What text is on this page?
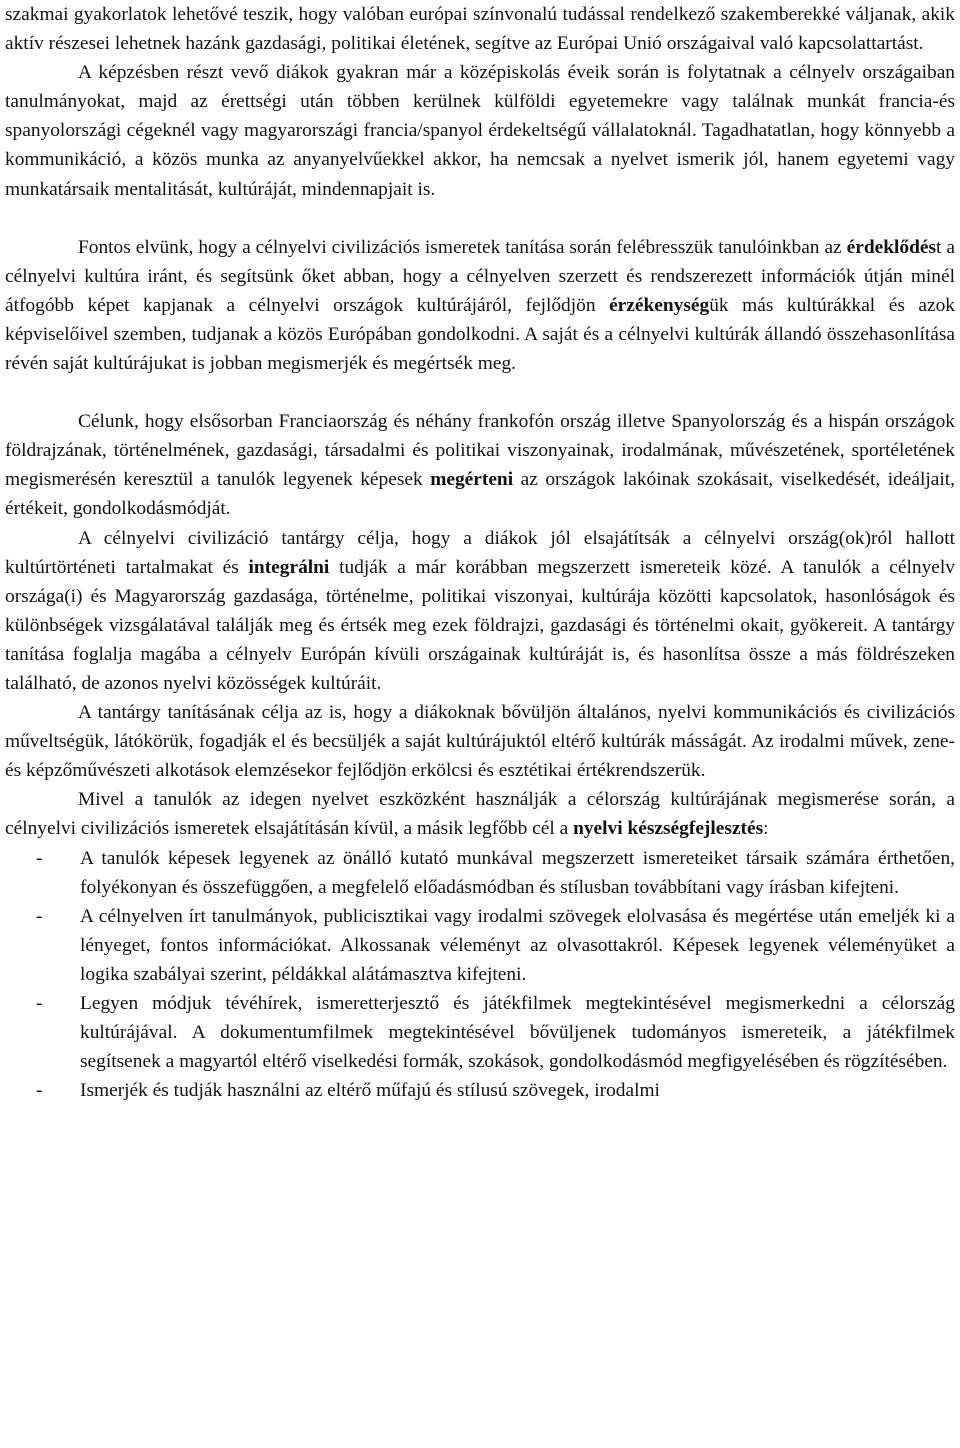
szakmai gyakorlatok lehetővé teszik, hogy valóban európai színvonalú tudással rendelkező szakemberekké váljanak, akik aktív részesei lehetnek hazánk gazdasági, politikai életének, segítve az Európai Unió országaival való kapcsolattartást.

A képzésben részt vevő diákok gyakran már a középiskolás éveik során is folytatnak a célnyelv országaiban tanulmányokat, majd az érettségi után többen kerülnek külföldi egyetemekre vagy találnak munkát francia-és spanyolországi cégeknél vagy magyarországi francia/spanyol érdekeltségű vállalatoknál. Tagadhatatlan, hogy könnyebb a kommunikáció, a közös munka az anyanyelvűekkel akkor, ha nemcsak a nyelvet ismerik jól, hanem egyetemi vagy munkatársaik mentalitását, kultúráját, mindennapjait is.

Fontos elvünk, hogy a célnyelvi civilizációs ismeretek tanítása során felébresszük tanulóinkban az érdeklődést a célnyelvi kultúra iránt, és segítsünk őket abban, hogy a célnyelven szerzett és rendszerezett információk útján minél átfogóbb képet kapjanak a célnyelvi országok kultúrájáról, fejlődjön érzékenységük más kultúrákkal és azok képviselőivel szemben, tudjanak a közös Európában gondolkodni. A saját és a célnyelvi kultúrák állandó összehasonlítása révén saját kultúrájukat is jobban megismerjék és megértsék meg.

Célunk, hogy elsősorban Franciaország és néhány frankofón ország illetve Spanyolország és a hispán országok földrajzának, történelmének, gazdasági, társadalmi és politikai viszonyainak, irodalmának, művészetének, sportéletének megismerésén keresztül a tanulók legyenek képesek megérteni az országok lakóinak szokásait, viselkedését, ideáljait, értékeit, gondolkodásmódját.

A célnyelvi civilizáció tantárgy célja, hogy a diákok jól elsajátítsák a célnyelvi ország(ok)ról hallott kultúrtörténeti tartalmakat és integrálni tudják a már korábban megszerzett ismereteik közé. A tanulók a célnyelv országa(i) és Magyarország gazdasága, történelme, politikai viszonyai, kultúrája közötti kapcsolatok, hasonlóságok és különbségek vizsgálatával találják meg és értsék meg ezek földrajzi, gazdasági és történelmi okait, gyökereit. A tantárgy tanítása foglalja magába a célnyelv Európán kívüli országainak kultúráját is, és hasonlítsa össze a más földrészeken található, de azonos nyelvi közösségek kultúráit.

A tantárgy tanításának célja az is, hogy a diákoknak bővüljön általános, nyelvi kommunikációs és civilizációs műveltségük, látókörük, fogadják el és becsüljék a saját kultúrájuktól eltérő kultúrák másságát. Az irodalmi művek, zene- és képzőművészeti alkotások elemzésekor fejlődjön erkölcsi és esztétikai értékrendszerük.

Mivel a tanulók az idegen nyelvet eszközként használják a célország kultúrájának megismerése során, a célnyelvi civilizációs ismeretek elsajátításán kívül, a másik legfőbb cél a nyelvi készségfejlesztés:

- A tanulók képesek legyenek az önálló kutató munkával megszerzett ismereteiket társaik számára érthetően, folyékonyan és összefüggően, a megfelelő előadásmódban és stílusban továbbítani vagy írásban kifejteni.
- A célnyelven írt tanulmányok, publicisztikai vagy irodalmi szövegek elolvasása és megértése után emeljék ki a lényeget, fontos információkat. Alkossanak véleményt az olvasottakról. Képesek legyenek véleményüket a logika szabályai szerint, példákkal alátámasztva kifejteni.
- Legyen módjuk tévéhírek, ismeretterjesztő és játékfilmek megtekintésével megismerkedni a célország kultúrájával. A dokumentumfilmek megtekintésével bővüljenek tudományos ismereteik, a játékfilmek segítsenek a magyartól eltérő viselkedési formák, szokások, gondolkodásmód megfigyelésében és rögzítésében.
- Ismerjék és tudják használni az eltérő műfajú és stílusú szövegek, irodalmi
